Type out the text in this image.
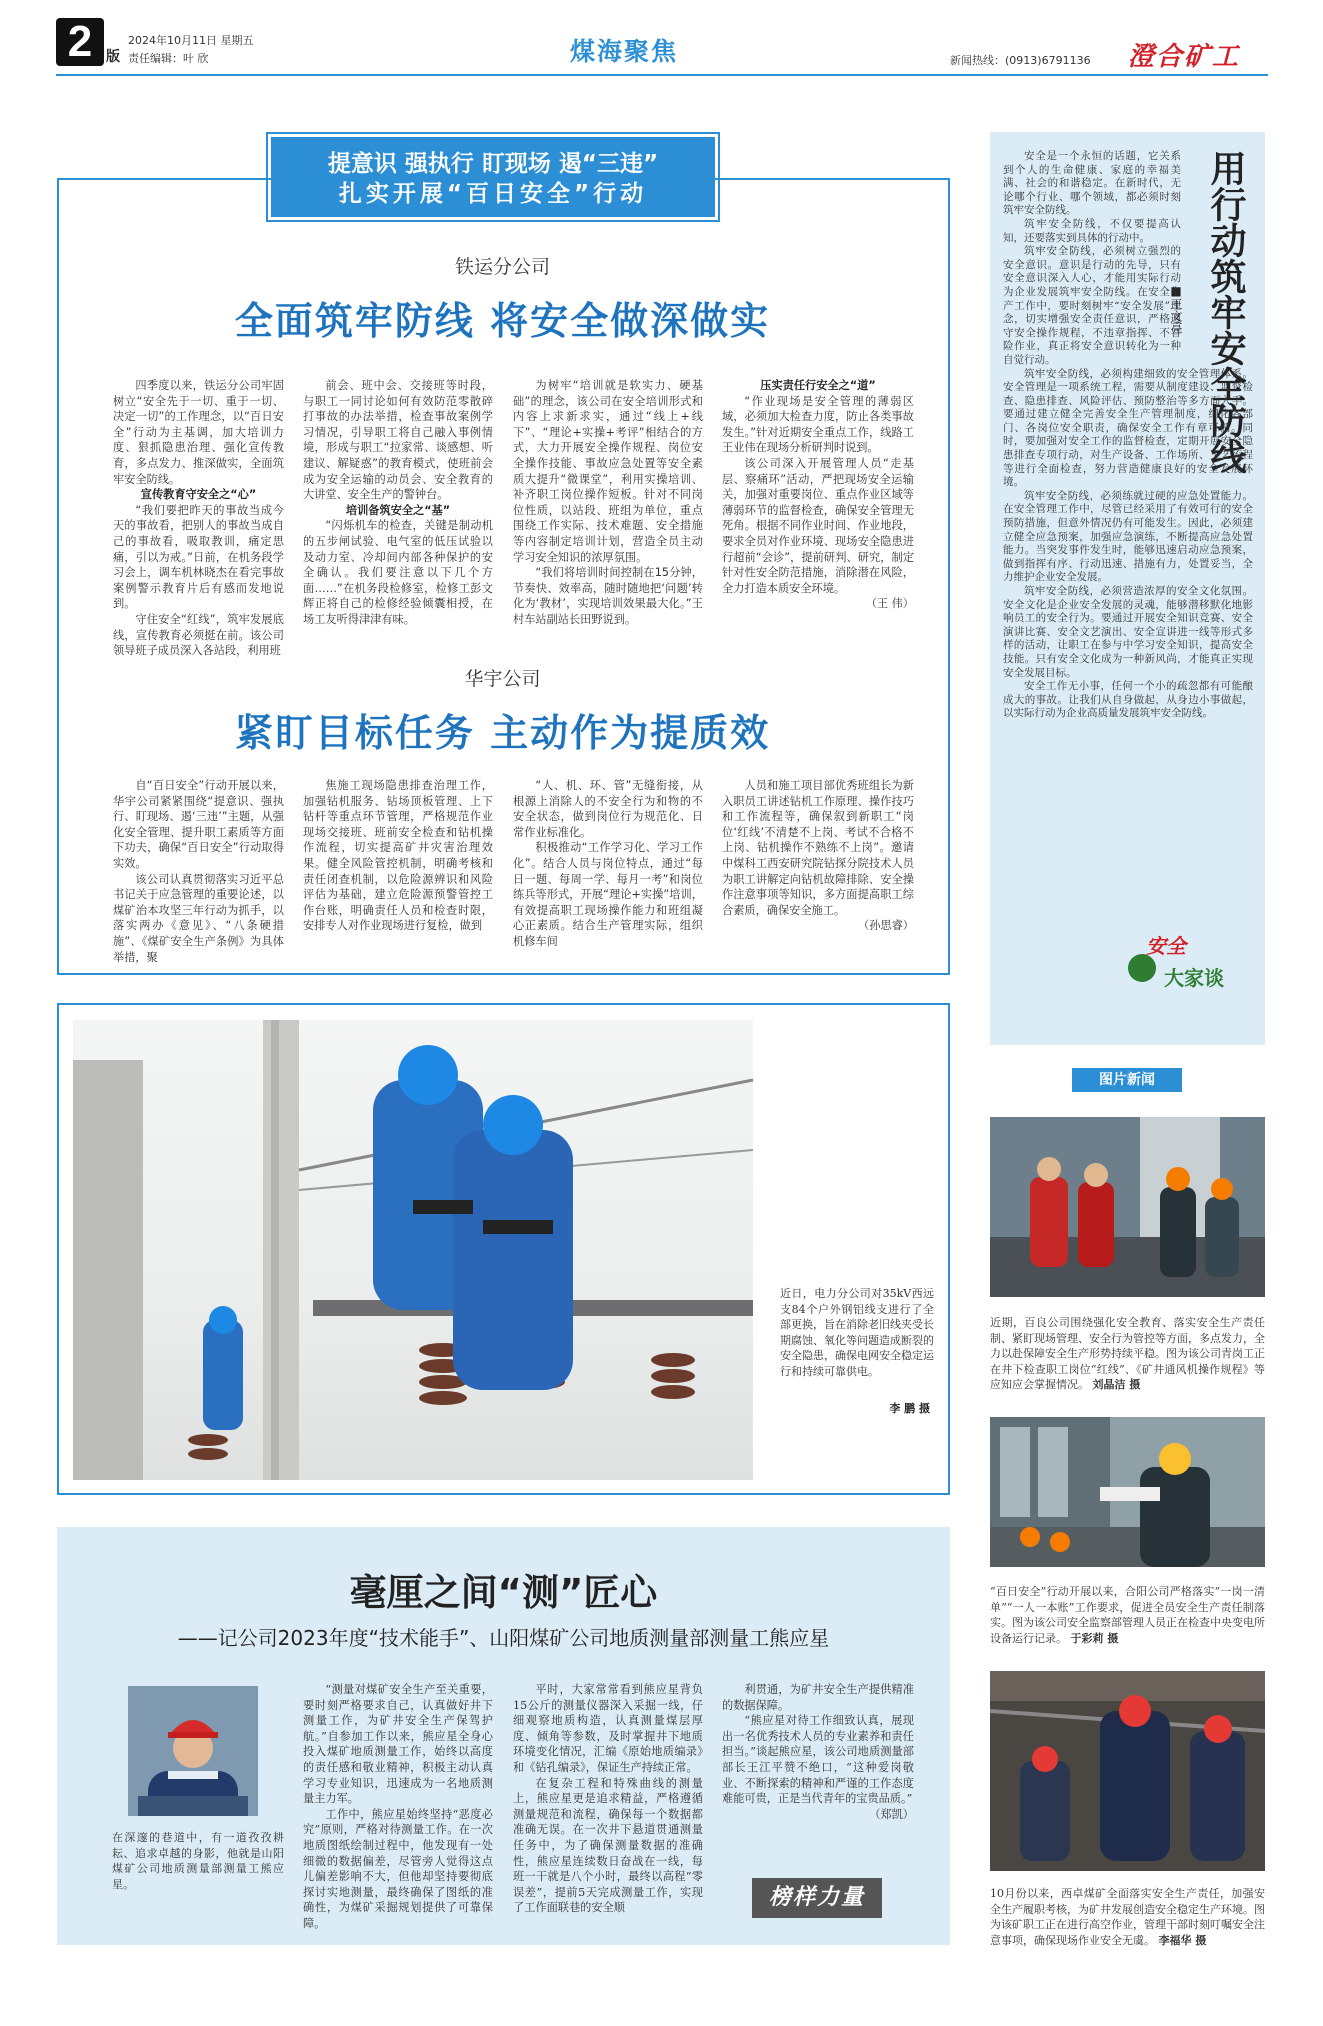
2 版
2024年10月11日 星期五
责任编辑：叶 欣	煤海聚焦	新闻热线：(0913)6791136 澄合矿工
提意识 强执行 盯现场 遏“三违”
扎实开展“百日安全”行动
铁运分公司
全面筑牢防线 将安全做深做实

四季度以来，铁运分公司牢固树立“安全先于一切、重于一切、决定一切”的工作理念，以“百日安全”行动为主基调，加大培训力度、狠抓隐患治理、强化宣传教育，多点发力、推深做实，全面筑牢安全防线。

宣传教育守安全之“心”

“我们要把昨天的事故当成今天的事故看，把别人的事故当成自己的事故看，吸取教训，痛定思痛，引以为戒。”日前，在机务段学习会上，调车机林晓杰在看完事故案例警示教育片后有感而发地说到。

守住安全“红线”，筑牢发展底线，宣传教育必须挺在前。该公司领导班子成员深入各站段，利用班

前会、班中会、交接班等时段，与职工一同讨论如何有效防范零散碎打事故的办法举措，检查事故案例学习情况，引导职工将自己融入事例情境，形成与职工“拉家常、谈感想、听建议、解疑惑”的教育模式，使班前会成为安全运输的动员会、安全教育的大讲堂、安全生产的警钟台。

培训备筑安全之“基”

“闪烁机车的检查，关键是制动机的五步闸试验、电气室的低压试验以及动力室、冷却间内部各种保护的安全确认。我们要注意以下几个方面……”在机务段检修室，检修工彭文辉正将自己的检修经验倾囊相授，在场工友听得津津有味。

为树牢“培训就是软实力、硬基础”的理念，该公司在安全培训形式和内容上求新求实，通过“线上+线下”、“理论+实操+考评”相结合的方式，大力开展安全操作规程、岗位安全操作技能、事故应急处置等安全素质大提升“微课堂”，利用实操培训、补齐职工岗位操作短板。针对不同岗位性质，以站段、班组为单位，重点围绕工作实际、技术难题、安全措施等内容制定培训计划，营造全员主动学习安全知识的浓厚氛围。

“我们将培训时间控制在15分钟，节奏快、效率高，随时随地把‘问题’转化为‘教材’，实现培训效果最大化。”王村车站副站长田野说到。

压实责任行安全之“道”

“作业现场是安全管理的薄弱区域，必须加大检查力度，防止各类事故发生。”针对近期安全重点工作，线路工王业伟在现场分析研判时说到。

该公司深入开展管理人员“走基层、察痛环”活动，严把现场安全运输关，加强对重要岗位、重点作业区域等薄弱环节的监督检查，确保安全管理无死角。根据不同作业时间、作业地段，要求全员对作业环境、现场安全隐患进行超前“会诊”，提前研判、研究，制定针对性安全防范措施，消除潜在风险，全力打造本质安全环境。

（王 伟）

华宇公司
紧盯目标任务 主动作为提质效

自“百日安全”行动开展以来，华宇公司紧紧围绕“提意识、强执行、盯现场、遏‘三违’”主题，从强化安全管理、提升职工素质等方面下功夫，确保“百日安全”行动取得实效。

该公司认真贯彻落实习近平总书记关于应急管理的重要论述，以煤矿治本攻坚三年行动为抓手，以落实两办《意见》、“八条硬措施”、《煤矿安全生产条例》为具体举措，聚

焦施工现场隐患排查治理工作，加强钻机服务、钻场顶板管理、上下钻杆等重点环节管理，严格规范作业现场交接班、班前安全检查和钻机操作流程，切实提高矿井灾害治理效果。健全风险管控机制，明确考核和责任闭查机制，以危险源辨识和风险评估为基础，建立危险源预警管控工作台账，明确责任人员和检查时限，安排专人对作业现场进行复检，做到

“人、机、环、管”无缝衔接，从根源上消除人的不安全行为和物的不安全状态，做到岗位行为规范化、日常作业标准化。

积极推动“工作学习化、学习工作化”。结合人员与岗位特点，通过“每日一题、每周一学、每月一考”和岗位练兵等形式，开展“理论+实操”培训，有效提高职工现场操作能力和班组凝心正素质。结合生产管理实际，组织机修车间

人员和施工项目部优秀班组长为新入职员工讲述钻机工作原理、操作技巧和工作流程等，确保叙到新职工“岗位‘红线’不清楚不上岗、考试不合格不上岗、钻机操作不熟练不上岗”。邀请中煤科工西安研究院钻探分院技术人员为职工讲解定向钻机故障排除、安全操作注意事项等知识，多方面提高职工综合素质，确保安全施工。

（孙思睿）

近日，电力分公司对35kV西远支84个户外钢铝线支进行了全部更换，旨在消除老旧线夹受长期腐蚀、氧化等问题造成断裂的安全隐患，确保电网安全稳定运行和持续可靠供电。
李 鹏 摄
毫厘之间“测”匠心
——记公司2023年度“技术能手”、山阳煤矿公司地质测量部测量工熊应星
在深邃的巷道中，有一道孜孜耕耘、追求卓越的身影，他就是山阳煤矿公司地质测量部测量工熊应星。

“测量对煤矿安全生产至关重要，要时刻严格要求自己，认真做好井下测量工作，为矿井安全生产保驾护航。”自参加工作以来，熊应星全身心投入煤矿地质测量工作，始终以高度的责任感和敬业精神，积极主动认真学习专业知识，迅速成为一名地质测量主力军。

工作中，熊应星始终坚持“恶度必究”原则，严格对待测量工作。在一次地质图纸绘制过程中，他发现有一处细微的数据偏差，尽管旁人觉得这点儿偏差影响不大，但他却坚持要彻底探讨实地测量，最终确保了图纸的准确性，为煤矿采掘规划提供了可靠保障。

平时，大家常常看到熊应星背负15公斤的测量仪器深入采掘一线，仔细观察地质构造，认真测量煤层厚度、倾角等参数，及时掌握井下地质环境变化情况，汇编《原始地质编录》和《钻孔编录》，保证生产持续正常。

在复杂工程和特殊曲线的测量上，熊应星更是追求精益，严格遵循测量规范和流程，确保每一个数据都准确无误。在一次井下悬道贯通测量任务中，为了确保测量数据的准确性，熊应星连续数日奋战在一线，每班一干就是八个小时，最终以高程“零误差”，提前5天完成测量工作，实现了工作面联巷的安全顺

利贯通，为矿井安全生产提供精准的数据保障。

“熊应星对待工作细致认真，展现出一名优秀技术人员的专业素养和责任担当。”谈起熊应星，该公司地质测量部部长王江平赞不绝口，“这种爱岗敬业、不断探索的精神和严谨的工作态度难能可贵，正是当代青年的宝贵品质。”

（郑凯）

榜样力量
用行动筑牢安全防线
■王文亮

安全是一个永恒的话题，它关系到个人的生命健康、家庭的幸福美满、社会的和谐稳定。在新时代，无论哪个行业、哪个领域，都必须时刻筑牢安全防线。

筑牢安全防线，不仅要提高认知，还要落实到具体的行动中。

筑牢安全防线，必须树立强烈的安全意识。意识是行动的先导，只有安全意识深入人心，才能用实际行动为企业发展筑牢安全防线。在安全生产工作中，要时刻树牢“安全发展”理念，切实增强安全责任意识，严格遵守安全操作规程，不违章指挥、不冒险作业，真正将安全意识转化为一种自觉行动。

筑牢安全防线，必须构建细致的安全管理体系。安全管理是一项系统工程，需要从制度建设、监督检查、隐患排查、风险评估、预防整治等多方面入手。要通过建立健全完善安全生产管理制度，细化各部门、各岗位安全职责，确保安全工作有章可循。同时，要加强对安全工作的监督检查，定期开展安全隐患排查专项行动，对生产设备、工作场所、工艺流程等进行全面检查，努力营造健康良好的安全发展环境。

筑牢安全防线，必须练就过硬的应急处置能力。在安全管理工作中，尽管已经采用了有效可行的安全预防措施，但意外情况仍有可能发生。因此，必须建立健全应急预案，加强应急演练，不断提高应急处置能力。当突发事件发生时，能够迅速启动应急预案，做到指挥有序、行动迅速、措施有力，处置妥当，全力维护企业安全发展。

筑牢安全防线，必须营造浓厚的安全文化氛围。安全文化是企业安全发展的灵魂，能够潜移默化地影响员工的安全行为。要通过开展安全知识竞赛、安全演讲比赛、安全文艺演出、安全宣讲进一线等形式多样的活动，让职工在参与中学习安全知识，提高安全技能。只有安全文化成为一种新风尚，才能真正实现安全发展目标。

安全工作无小事，任何一个小的疏忽都有可能酿成大的事故。让我们从自身做起，从身边小事做起，以实际行动为企业高质量发展筑牢安全防线。

安全
大家谈
图片新闻
近期，百良公司围绕强化安全教育、落实安全生产责任制、紧盯现场管理、安全行为管控等方面，多点发力，全力以赴保障安全生产形势持续平稳。图为该公司青岗工正在井下检查职工岗位“红线”、《矿井通风机操作规程》等应知应会掌握情况。 刘晶洁 摄
“百日安全”行动开展以来，合阳公司严格落实“一岗一清单”“一人一本账”工作要求，促进全员安全生产责任制落实。图为该公司安全监察部管理人员正在检查中央变电所设备运行记录。 于彩莉 摄
10月份以来，西卓煤矿全面落实安全生产责任，加强安全生产履职考核，为矿井发展创造安全稳定生产环境。图为该矿职工正在进行高空作业，管理干部时刻叮嘱安全注意事项，确保现场作业安全无虞。 李福华 摄
